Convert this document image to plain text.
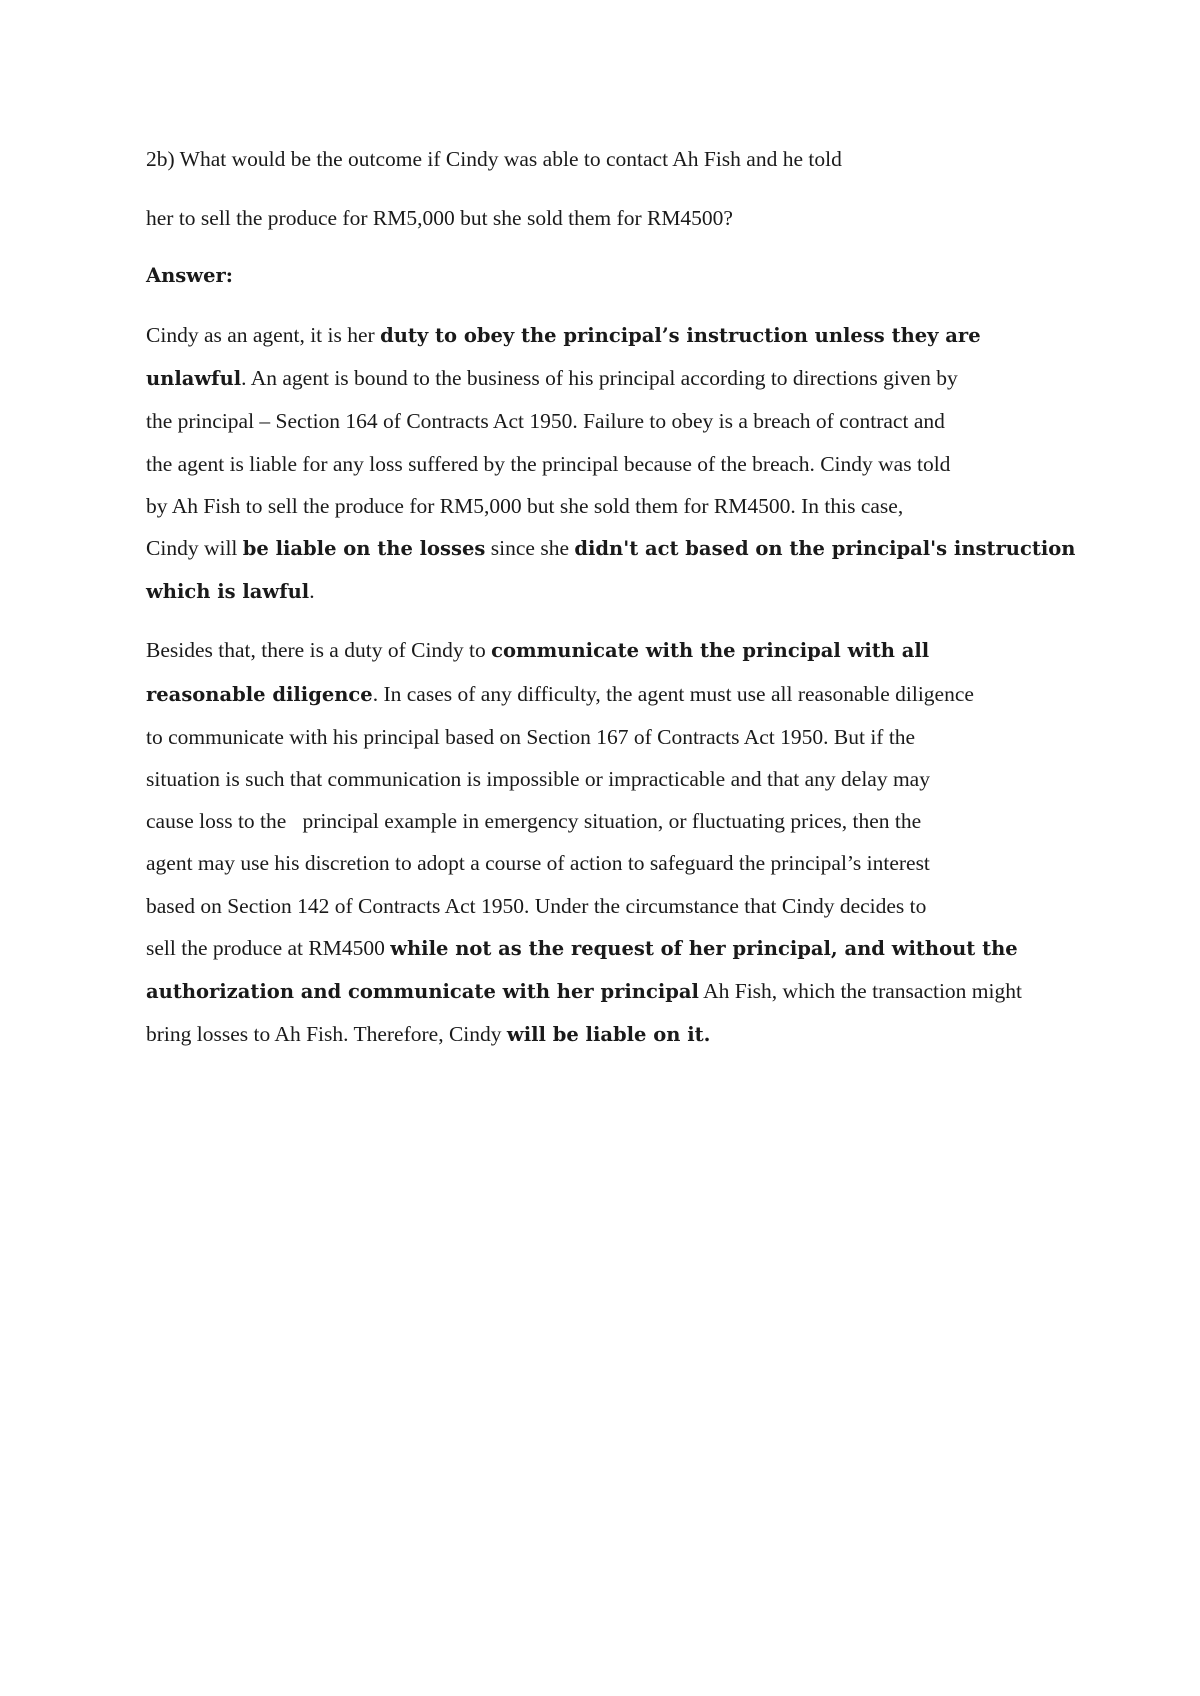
2b) What would be the outcome if Cindy was able to contact Ah Fish and he told

her to sell the produce for RM5,000 but she sold them for RM4500?

Answer:

Cindy as an agent, it is her duty to obey the principal’s instruction unless they are
unlawful. An agent is bound to the business of his principal according to directions given by
the principal – Section 164 of Contracts Act 1950. Failure to obey is a breach of contract and
the agent is liable for any loss suffered by the principal because of the breach. Cindy was told
by Ah Fish to sell the produce for RM5,000 but she sold them for RM4500. In this case,
Cindy will be liable on the losses since she didn't act based on the principal's instruction
which is lawful.

Besides that, there is a duty of Cindy to communicate with the principal with all
reasonable diligence. In cases of any difficulty, the agent must use all reasonable diligence
to communicate with his principal based on Section 167 of Contracts Act 1950. But if the
situation is such that communication is impossible or impracticable and that any delay may
cause loss to the   principal example in emergency situation, or fluctuating prices, then the
agent may use his discretion to adopt a course of action to safeguard the principal’s interest
based on Section 142 of Contracts Act 1950. Under the circumstance that Cindy decides to
sell the produce at RM4500 while not as the request of her principal, and without the
authorization and communicate with her principal Ah Fish, which the transaction might
bring losses to Ah Fish. Therefore, Cindy will be liable on it.
